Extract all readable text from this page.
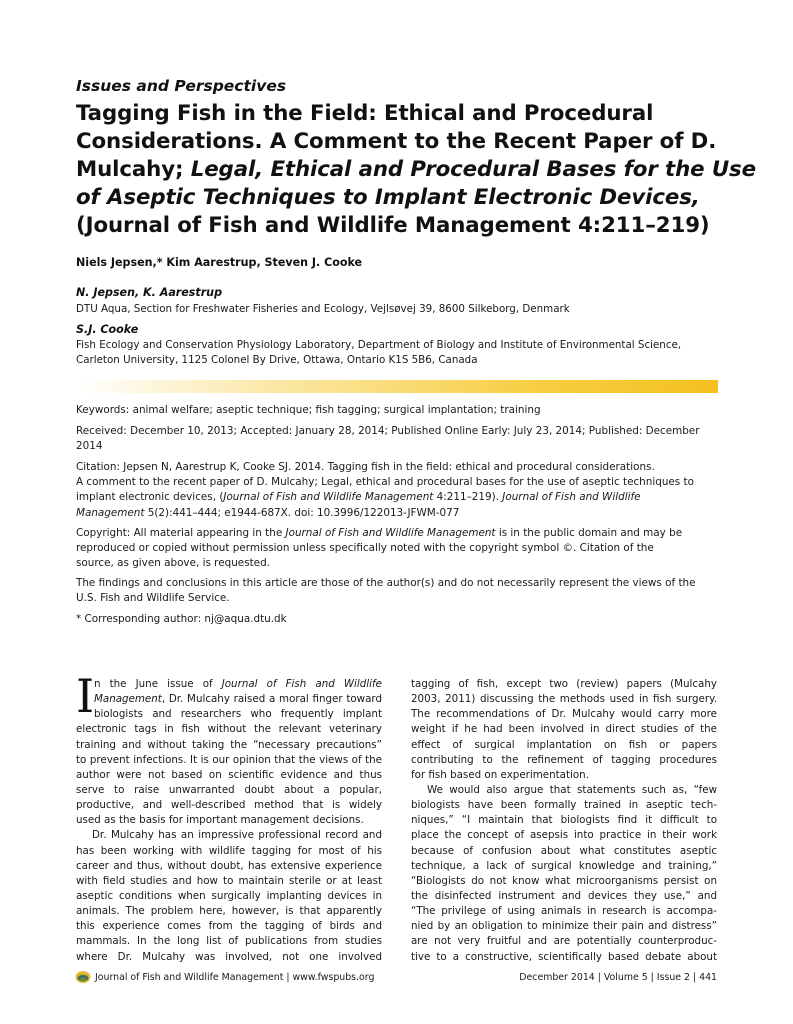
Issues and Perspectives
Tagging Fish in the Field: Ethical and Procedural
Considerations. A Comment to the Recent Paper of D.
Mulcahy; Legal, Ethical and Procedural Bases for the Use
of Aseptic Techniques to Implant Electronic Devices,
(Journal of Fish and Wildlife Management 4:211–219)
Niels Jepsen,* Kim Aarestrup, Steven J. Cooke
N. Jepsen, K. Aarestrup
DTU Aqua, Section for Freshwater Fisheries and Ecology, Vejlsøvej 39, 8600 Silkeborg, Denmark
S.J. Cooke
Fish Ecology and Conservation Physiology Laboratory, Department of Biology and Institute of Environmental Science,
Carleton University, 1125 Colonel By Drive, Ottawa, Ontario K1S 5B6, Canada
Keywords: animal welfare; aseptic technique; fish tagging; surgical implantation; training
Received: December 10, 2013; Accepted: January 28, 2014; Published Online Early: July 23, 2014; Published: December
2014
Citation: Jepsen N, Aarestrup K, Cooke SJ. 2014. Tagging fish in the field: ethical and procedural considerations.
A comment to the recent paper of D. Mulcahy; Legal, ethical and procedural bases for the use of aseptic techniques to
implant electronic devices, (Journal of Fish and Wildlife Management 4:211–219). Journal of Fish and Wildlife
Management 5(2):441–444; e1944-687X. doi: 10.3996/122013-JFWM-077
Copyright: All material appearing in the Journal of Fish and Wildlife Management is in the public domain and may be
reproduced or copied without permission unless specifically noted with the copyright symbol ©. Citation of the
source, as given above, is requested.
The findings and conclusions in this article are those of the author(s) and do not necessarily represent the views of the
U.S. Fish and Wildlife Service.
* Corresponding author: nj@aqua.dtu.dk
I n the June issue of Journal of Fish and Wildlife
Management, Dr. Mulcahy raised a moral finger toward
biologists and researchers who frequently implant
electronic tags in fish without the relevant veterinary
training and without taking the “necessary precautions”
to prevent infections. It is our opinion that the views of the
author were not based on scientific evidence and thus
serve to raise unwarranted doubt about a popular,
productive, and well-described method that is widely
used as the basis for important management decisions.
Dr. Mulcahy has an impressive professional record and
has been working with wildlife tagging for most of his
career and thus, without doubt, has extensive experience
with field studies and how to maintain sterile or at least
aseptic conditions when surgically implanting devices in
animals. The problem here, however, is that apparently
this experience comes from the tagging of birds and
mammals. In the long list of publications from studies
where Dr. Mulcahy was involved, not one involved
tagging of fish, except two (review) papers (Mulcahy
2003, 2011) discussing the methods used in fish surgery.
The recommendations of Dr. Mulcahy would carry more
weight if he had been involved in direct studies of the
effect of surgical implantation on fish or papers
contributing to the refinement of tagging procedures
for fish based on experimentation.
We would also argue that statements such as, “few
biologists have been formally trained in aseptic tech-
niques,” “I maintain that biologists find it difficult to
place the concept of asepsis into practice in their work
because of confusion about what constitutes aseptic
technique, a lack of surgical knowledge and training,”
“Biologists do not know what microorganisms persist on
the disinfected instrument and devices they use,” and
“The privilege of using animals in research is accompa-
nied by an obligation to minimize their pain and distress”
are not very fruitful and are potentially counterproduc-
tive to a constructive, scientifically based debate about
Journal of Fish and Wildlife Management | www.fwspubs.org	December 2014 | Volume 5 | Issue 2 | 441
